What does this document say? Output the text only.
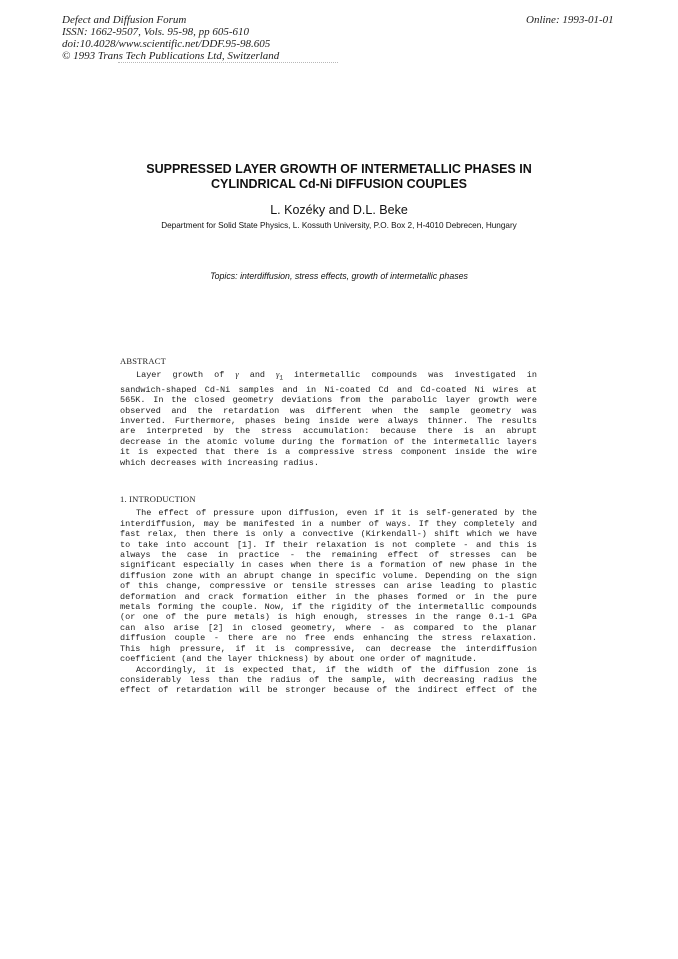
Defect and Diffusion Forum
ISSN: 1662-9507, Vols. 95-98, pp 605-610
doi:10.4028/www.scientific.net/DDF.95-98.605
© 1993 Trans Tech Publications Ltd, Switzerland
Online: 1993-01-01
SUPPRESSED LAYER GROWTH OF INTERMETALLIC PHASES IN
CYLINDRICAL Cd-Ni DIFFUSION COUPLES
L. Kozéky and D.L. Beke
Department for Solid State Physics, L. Kossuth University, P.O. Box 2, H-4010 Debrecen, Hungary
Topics: interdiffusion, stress effects, growth of intermetallic phases
ABSTRACT
Layer growth of γ and $\gamma_1$ intermetallic compounds was investigated in
sandwich-shaped Cd-Ni samples and in Ni-coated Cd and Cd-coated Ni wires at
565K. In the closed geometry deviations from the parabolic layer growth were
observed and the retardation was different when the sample geometry was
inverted. Furthermore, phases being inside were always thinner. The results
are interpreted by the stress accumulation: because there is an abrupt
decrease in the atomic volume during the formation of the intermetallic layers
it is expected that there is a compressive stress component inside the wire
which decreases with increasing radius.
1. INTRODUCTION
The effect of pressure upon diffusion, even if it is self-generated by the
interdiffusion, may be manifested in a number of ways. If they completely and
fast relax, then there is only a convective (Kirkendall-) shift which we have
to take into account [1]. If their relaxation is not complete - and this is
always the case in practice - the remaining effect of stresses can be
significant especially in cases when there is a formation of new phase in the
diffusion zone with an abrupt change in specific volume. Depending on the sign
of this change, compressive or tensile stresses can arise leading to plastic
deformation and crack formation either in the phases formed or in the pure
metals forming the couple. Now, if the rigidity of the intermetallic compounds
(or one of the pure metals) is high enough, stresses in the range 0.1-1 GPa
can also arise [2] in closed geometry, where - as compared to the planar
diffusion couple - there are no free ends enhancing the stress relaxation.
This high pressure, if it is compressive, can decrease the interdiffusion
coefficient (and the layer thickness) by about one order of magnitude.
Accordingly, it is expected that, if the width of the diffusion zone is
considerably less than the radius of the sample, with decreasing radius the
effect of retardation will be stronger because of the indirect effect of the
